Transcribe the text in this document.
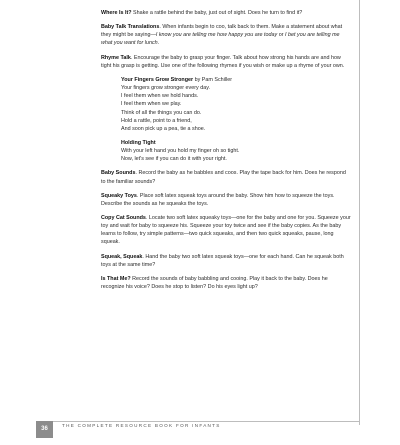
Where Is It? Shake a rattle behind the baby, just out of sight. Does he turn to find it?

Baby Talk Translations. When infants begin to coo, talk back to them. Make a statement about what they might be saying—I know you are telling me how happy you are today or I bet you are telling me what you want for lunch.

Rhyme Talk. Encourage the baby to grasp your finger. Talk about how strong his hands are and how tight his grasp is getting. Use one of the following rhymes if you wish or make up a rhyme of your own.

Your Fingers Grow Stronger by Pam Schiller
Your fingers grow stronger every day.
I feel them when we hold hands.
I feel them when we play.
Think of all the things you can do.
Hold a rattle, point to a friend,
And soon pick up a pea, tie a shoe.
Holding Tight
With your left hand you hold my finger oh so tight.
Now, let's see if you can do it with your right.

Baby Sounds. Record the baby as he babbles and coos. Play the tape back for him. Does he respond to the familiar sounds?

Squeaky Toys. Place soft latex squeak toys around the baby. Show him how to squeeze the toys. Describe the sounds as he squeaks the toys.

Copy Cat Sounds. Locate two soft latex squeaky toys—one for the baby and one for you. Squeeze your toy and wait for baby to squeeze his. Squeeze your toy twice and see if the baby copies. As the baby learns to follow, try simple patterns—two quick squeaks, and then two quick squeaks, pause, long squeak.

Squeak, Squeak. Hand the baby two soft latex squeak toys—one for each hand. Can he squeak both toys at the same time?

Is That Me? Record the sounds of baby babbling and cooing. Play it back to the baby. Does he recognize his voice? Does he stop to listen? Do his eyes light up?

36
THE COMPLETE RESOURCE BOOK FOR INFANTS
